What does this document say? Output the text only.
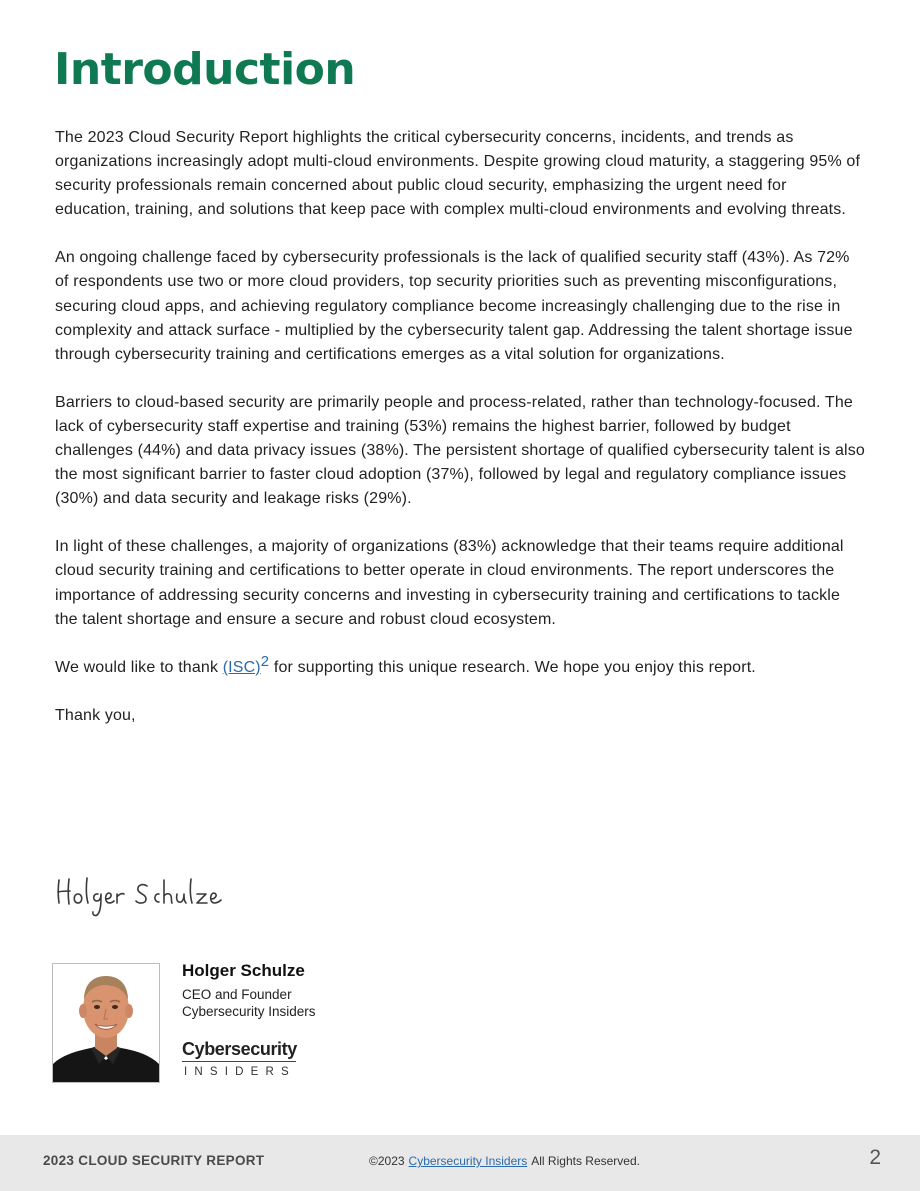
Introduction

The 2023 Cloud Security Report highlights the critical cybersecurity concerns, incidents, and trends as organizations increasingly adopt multi-cloud environments. Despite growing cloud maturity, a staggering 95% of security professionals remain concerned about public cloud security, emphasizing the urgent need for education, training, and solutions that keep pace with complex multi-cloud environments and evolving threats.

An ongoing challenge faced by cybersecurity professionals is the lack of qualified security staff (43%). As 72% of respondents use two or more cloud providers, top security priorities such as preventing misconfigurations, securing cloud apps, and achieving regulatory compliance become increasingly challenging due to the rise in complexity and attack surface - multiplied by the cybersecurity talent gap. Addressing the talent shortage issue through cybersecurity training and certifications emerges as a vital solution for organizations.

Barriers to cloud-based security are primarily people and process-related, rather than technology-focused. The lack of cybersecurity staff expertise and training (53%) remains the highest barrier, followed by budget challenges (44%) and data privacy issues (38%). The persistent shortage of qualified cybersecurity talent is also the most significant barrier to faster cloud adoption (37%), followed by legal and regulatory compliance issues (30%) and data security and leakage risks (29%).

In light of these challenges, a majority of organizations (83%) acknowledge that their teams require additional cloud security training and certifications to better operate in cloud environments. The report underscores the importance of addressing security concerns and investing in cybersecurity training and certifications to tackle the talent shortage and ensure a secure and robust cloud ecosystem.

We would like to thank (ISC)2 for supporting this unique research. We hope you enjoy this report.

Thank you,

Holger Schulze
CEO and Founder
Cybersecurity Insiders
Cybersecurity
INSIDERS
2023 CLOUD SECURITY REPORT	©2023 Cybersecurity Insiders All Rights Reserved.	2
